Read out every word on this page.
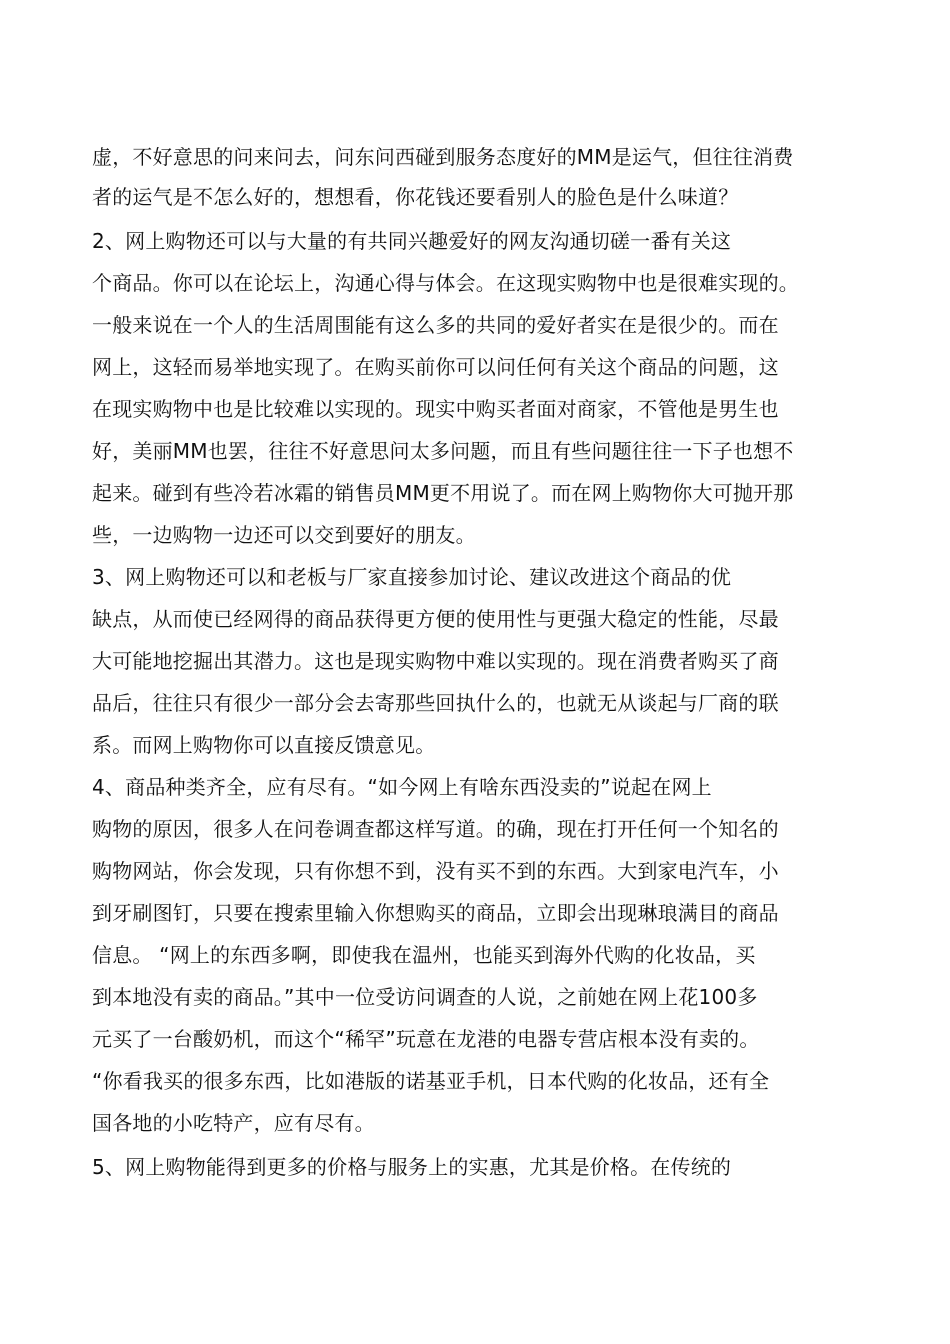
虚，不好意思的问来问去，问东问西碰到服务态度好的MM是运气，但往往消费
者的运气是不怎么好的，想想看，你花钱还要看别人的脸色是什么味道？
2、网上购物还可以与大量的有共同兴趣爱好的网友沟通切磋一番有关这
个商品。你可以在论坛上，沟通心得与体会。在这现实购物中也是很难实现的。
一般来说在一个人的生活周围能有这么多的共同的爱好者实在是很少的。而在
网上，这轻而易举地实现了。在购买前你可以问任何有关这个商品的问题，这
在现实购物中也是比较难以实现的。现实中购买者面对商家，不管他是男生也
好，美丽MM也罢，往往不好意思问太多问题，而且有些问题往往一下子也想不
起来。碰到有些冷若冰霜的销售员MM更不用说了。而在网上购物你大可抛开那
些，一边购物一边还可以交到要好的朋友。
3、网上购物还可以和老板与厂家直接参加讨论、建议改进这个商品的优
缺点，从而使已经网得的商品获得更方便的使用性与更强大稳定的性能，尽最
大可能地挖掘出其潜力。这也是现实购物中难以实现的。现在消费者购买了商
品后，往往只有很少一部分会去寄那些回执什么的，也就无从谈起与厂商的联
系。而网上购物你可以直接反馈意见。
4、商品种类齐全，应有尽有。“如今网上有啥东西没卖的”说起在网上
购物的原因，很多人在问卷调查都这样写道。的确，现在打开任何一个知名的
购物网站，你会发现，只有你想不到，没有买不到的东西。大到家电汽车，小
到牙刷图钉，只要在搜索里输入你想购买的商品，立即会出现琳琅满目的商品
信息。 “网上的东西多啊，即使我在温州，也能买到海外代购的化妆品，买
到本地没有卖的商品。”其中一位受访问调查的人说，之前她在网上花100多
元买了一台酸奶机，而这个“稀罕”玩意在龙港的电器专营店根本没有卖的。
“你看我买的很多东西，比如港版的诺基亚手机，日本代购的化妆品，还有全
国各地的小吃特产，应有尽有。
5、网上购物能得到更多的价格与服务上的实惠，尤其是价格。在传统的
